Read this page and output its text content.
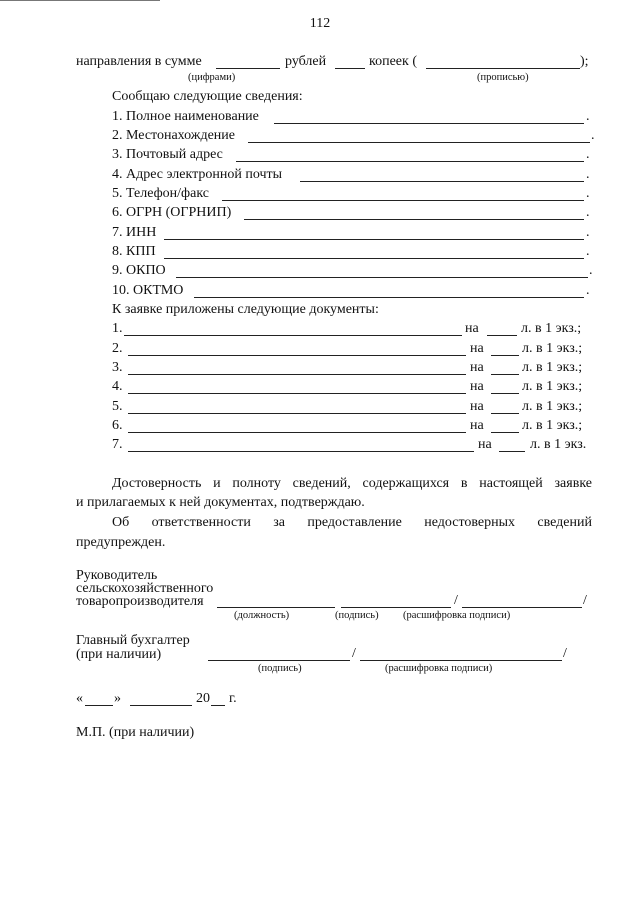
112
направления в сумме	рублей	копеек (	);
(цифрами)	(прописью)
Сообщаю следующие сведения:
1. Полное наименование	.
2. Местонахождение	.
3. Почтовый адрес	.
4. Адрес электронной почты	.
5. Телефон/факс	.
6. ОГРН (ОГРНИП)	.
7. ИНН	.
8. КПП	.
9. ОКПО	.
10. ОКТМО	.
К заявке приложены следующие документы:
1.	на	л. в 1 экз.;
2.	на	л. в 1 экз.;
3.	на	л. в 1 экз.;
4.	на	л. в 1 экз.;
5.	на	л. в 1 экз.;
6.	на	л. в 1 экз.;
7.	на	л. в 1 экз.
Достоверность и полноту сведений, содержащихся в настоящей заявке
и прилагаемых к ней документах, подтверждаю.
Об ответственности за предоставление недостоверных сведений
предупрежден.
Руководитель
сельскохозяйственного
товаропроизводителя	/	/
(должность)	(подпись) (расшифровка подписи)
Главный бухгалтер
(при наличии)	/	/
(подпись)	(расшифровка подписи)
« »	20 г.
М.П. (при наличии)
